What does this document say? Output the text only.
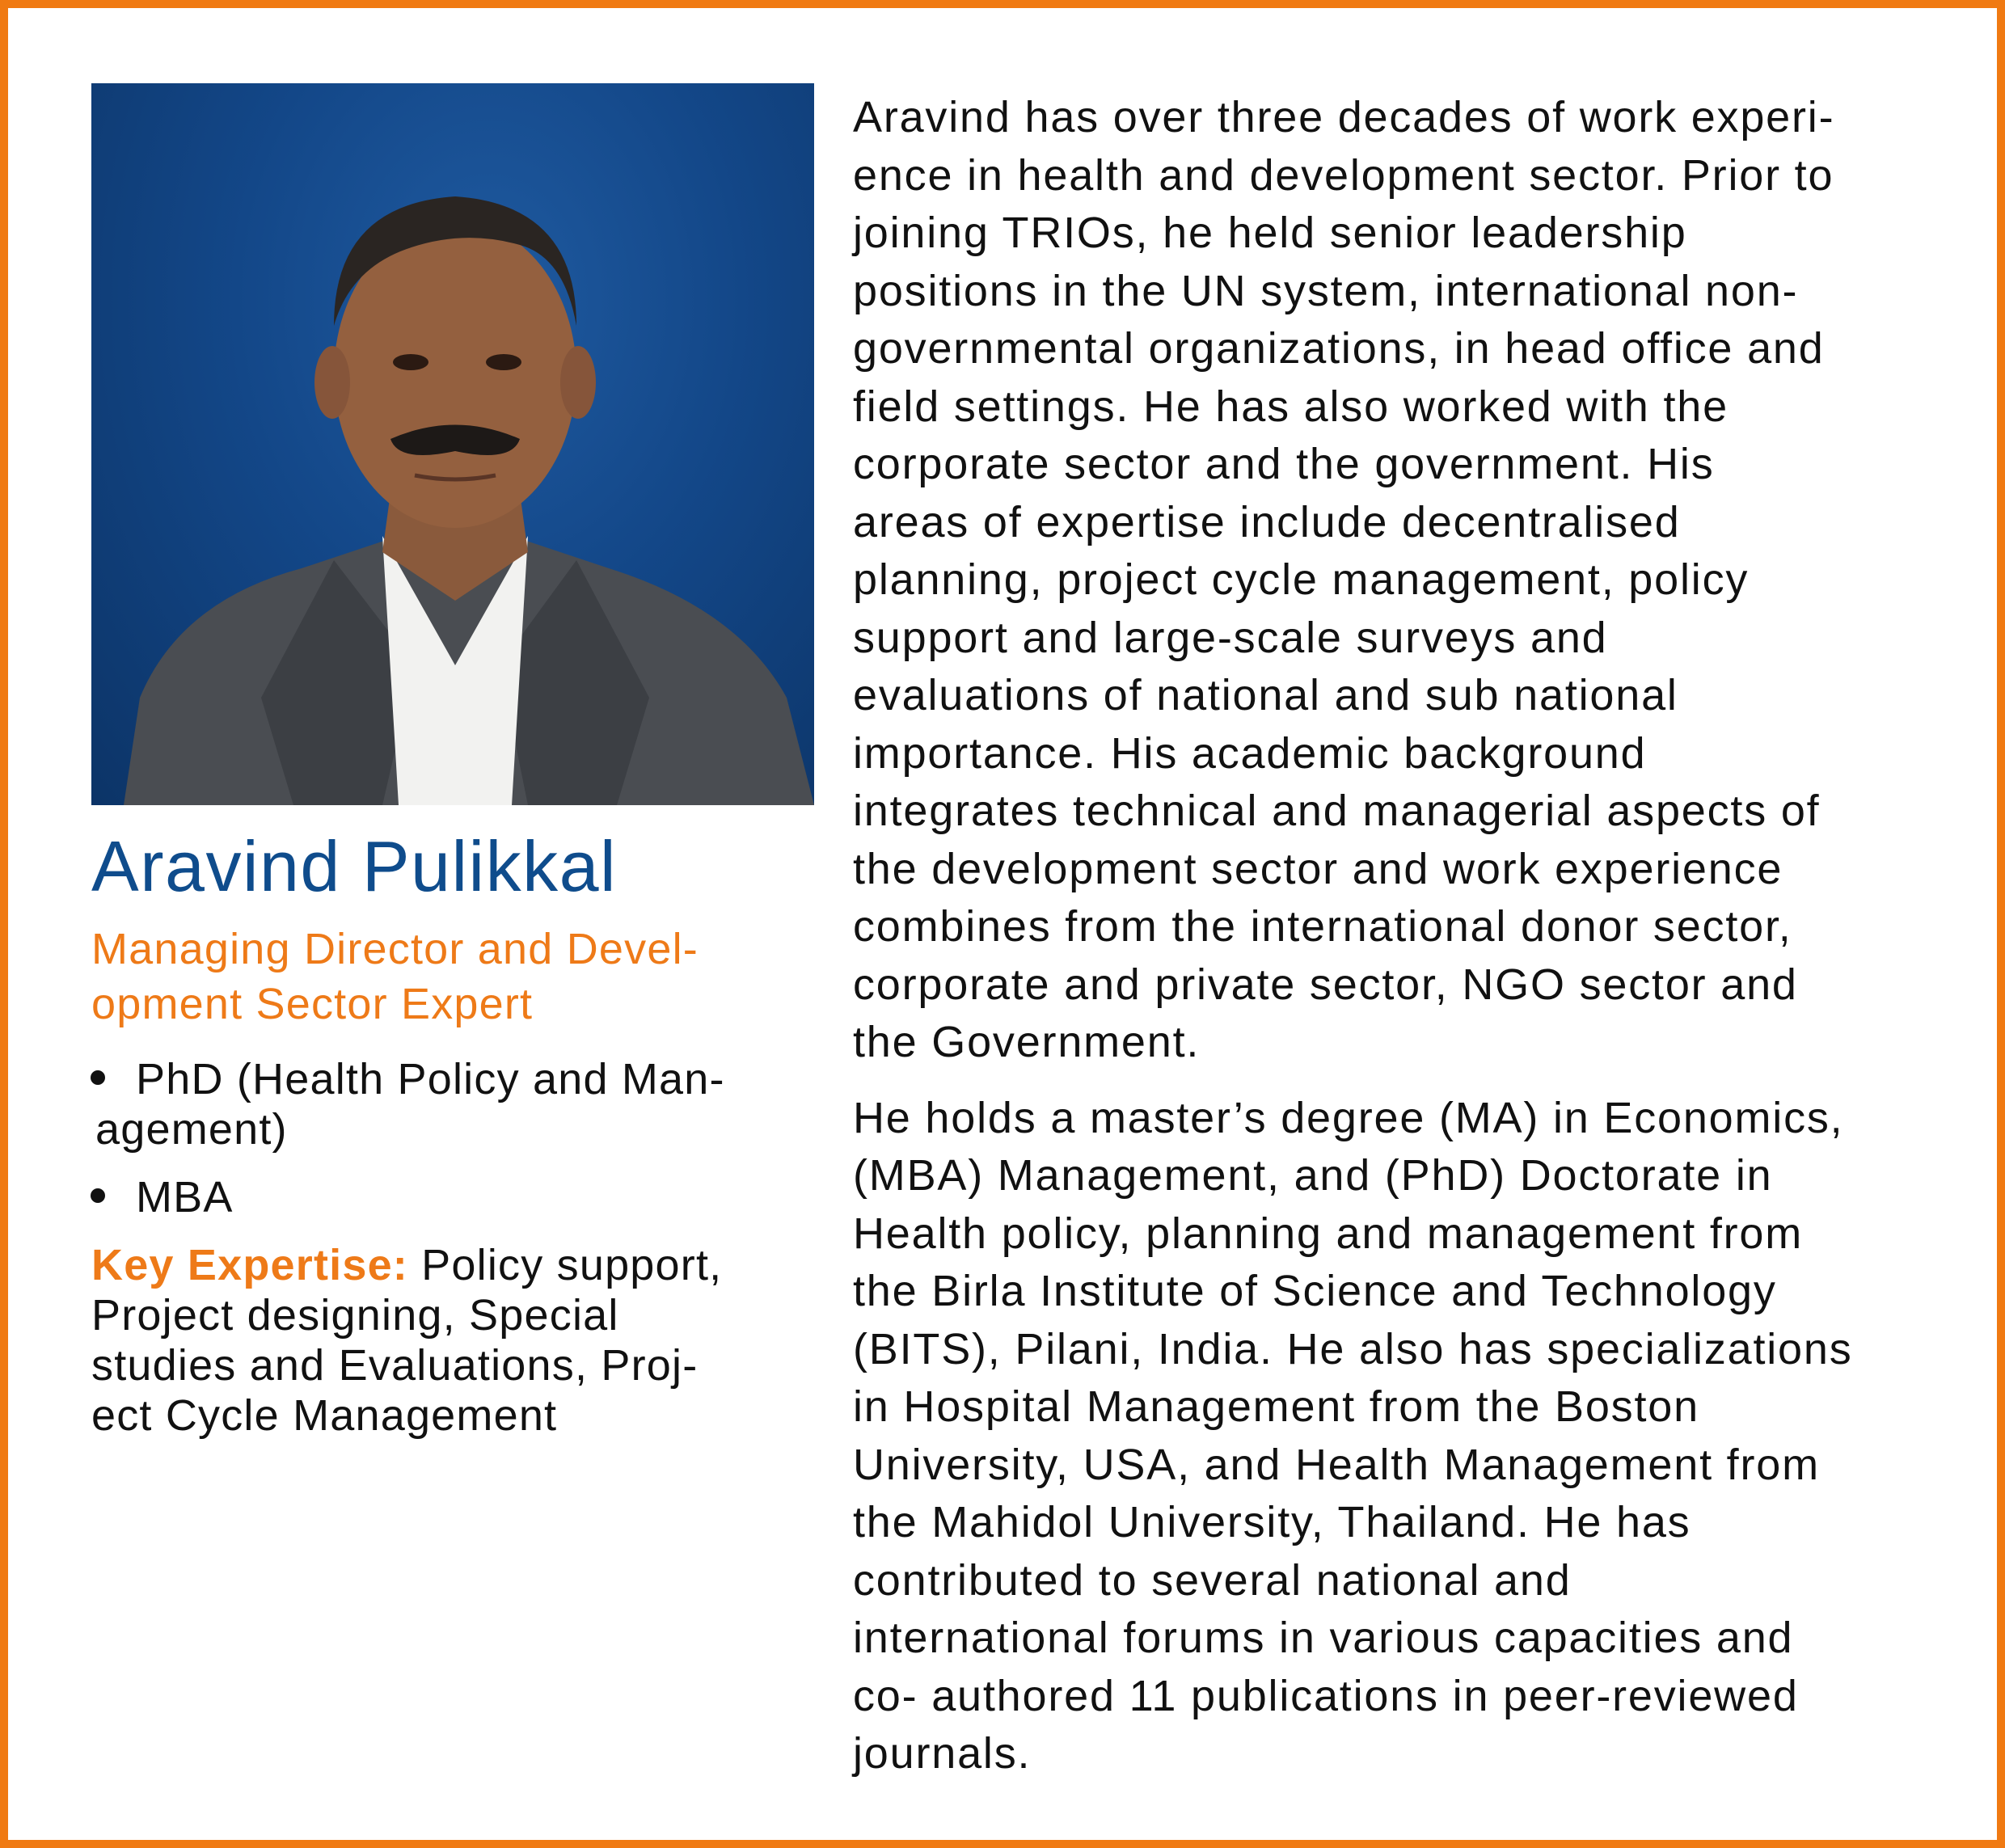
Aravind Pulikkal
Managing Director and Devel-
opment Sector Expert
PhD (Health Policy and Man-
agement)
MBA
Key Expertise: Policy support,
Project designing, Special
studies and Evaluations, Proj-
ect Cycle Management

Aravind has over three decades of work experi-
ence in health and development sector. Prior to
joining TRIOs, he held senior leadership
positions in the UN system, international non-
governmental organizations, in head office and
field settings. He has also worked with the
corporate sector and the government. His
areas of expertise include decentralised
planning, project cycle management, policy
support and large-scale surveys and
evaluations of national and sub national
importance. His academic background
integrates technical and managerial aspects of
the development sector and work experience
combines from the international donor sector,
corporate and private sector, NGO sector and
the Government.

He holds a master’s degree (MA) in Economics,
(MBA) Management, and (PhD) Doctorate in
Health policy, planning and management from
the Birla Institute of Science and Technology
(BITS), Pilani, India. He also has specializations
in Hospital Management from the Boston
University, USA, and Health Management from
the Mahidol University, Thailand. He has
contributed to several national and
international forums in various capacities and
co- authored 11 publications in peer-reviewed
journals.
